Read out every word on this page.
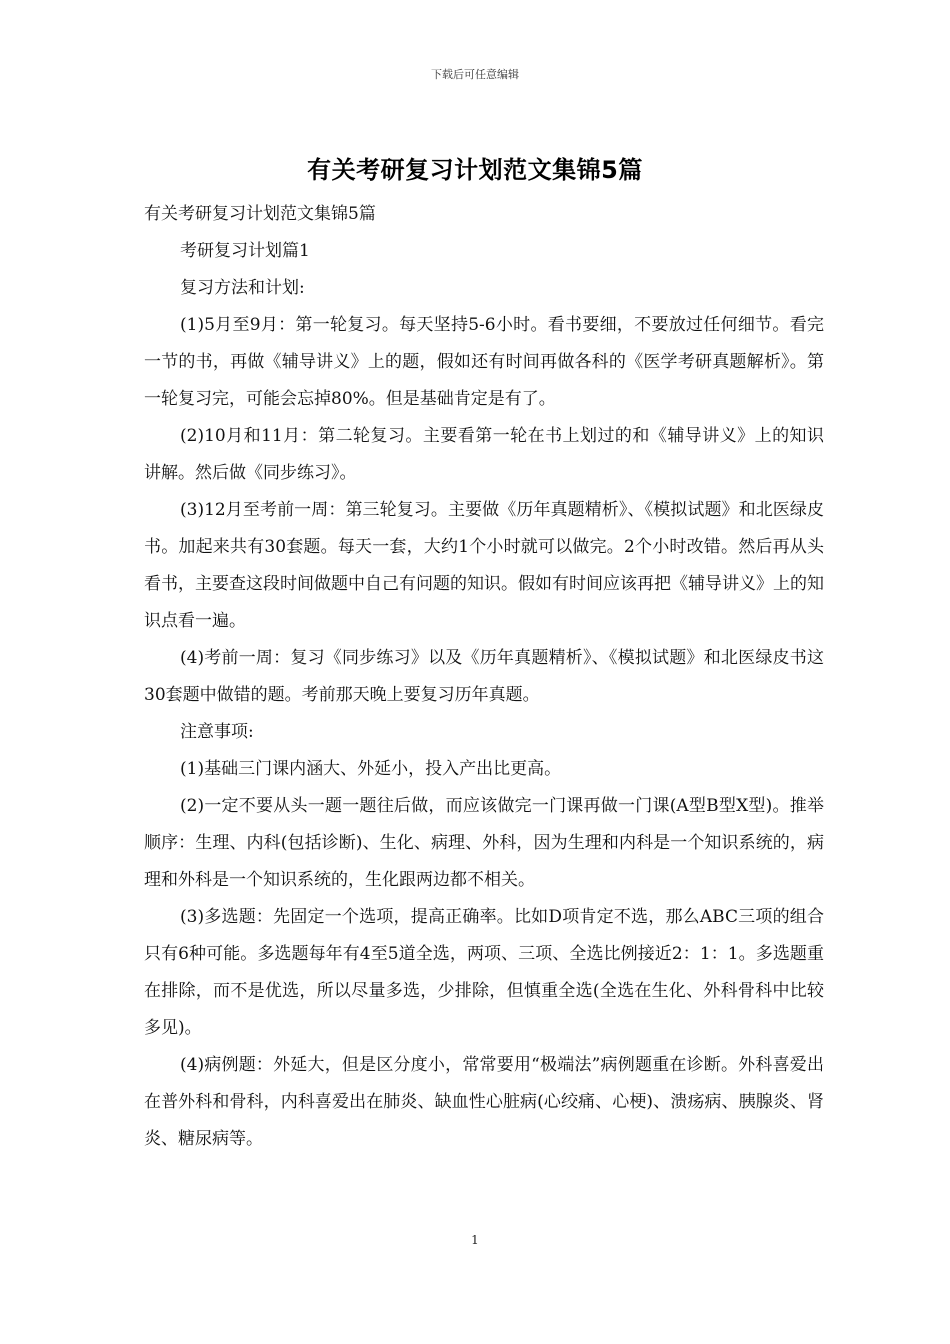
下载后可任意编辑
有关考研复习计划范文集锦5篇

有关考研复习计划范文集锦5篇

考研复习计划篇1

复习方法和计划:

(1)5月至9月：第一轮复习。每天坚持5-6小时。看书要细，不要放过任何细节。看完一节的书，再做《辅导讲义》上的题，假如还有时间再做各科的《医学考研真题解析》。第一轮复习完，可能会忘掉80%。但是基础肯定是有了。

(2)10月和11月：第二轮复习。主要看第一轮在书上划过的和《辅导讲义》上的知识讲解。然后做《同步练习》。

(3)12月至考前一周：第三轮复习。主要做《历年真题精析》、《模拟试题》和北医绿皮书。加起来共有30套题。每天一套，大约1个小时就可以做完。2个小时改错。然后再从头看书，主要查这段时间做题中自己有问题的知识。假如有时间应该再把《辅导讲义》上的知识点看一遍。

(4)考前一周：复习《同步练习》以及《历年真题精析》、《模拟试题》和北医绿皮书这30套题中做错的题。考前那天晚上要复习历年真题。

注意事项:

(1)基础三门课内涵大、外延小，投入产出比更高。

(2)一定不要从头一题一题往后做，而应该做完一门课再做一门课(A型B型X型)。推举顺序：生理、内科(包括诊断)、生化、病理、外科，因为生理和内科是一个知识系统的，病理和外科是一个知识系统的，生化跟两边都不相关。

(3)多选题：先固定一个选项，提高正确率。比如D项肯定不选，那么ABC三项的组合只有6种可能。多选题每年有4至5道全选，两项、三项、全选比例接近2：1：1。多选题重在排除，而不是优选，所以尽量多选，少排除，但慎重全选(全选在生化、外科骨科中比较多见)。

(4)病例题：外延大，但是区分度小，常常要用“极端法”病例题重在诊断。外科喜爱出在普外科和骨科，内科喜爱出在肺炎、缺血性心脏病(心绞痛、心梗)、溃疡病、胰腺炎、肾炎、糖尿病等。

1
